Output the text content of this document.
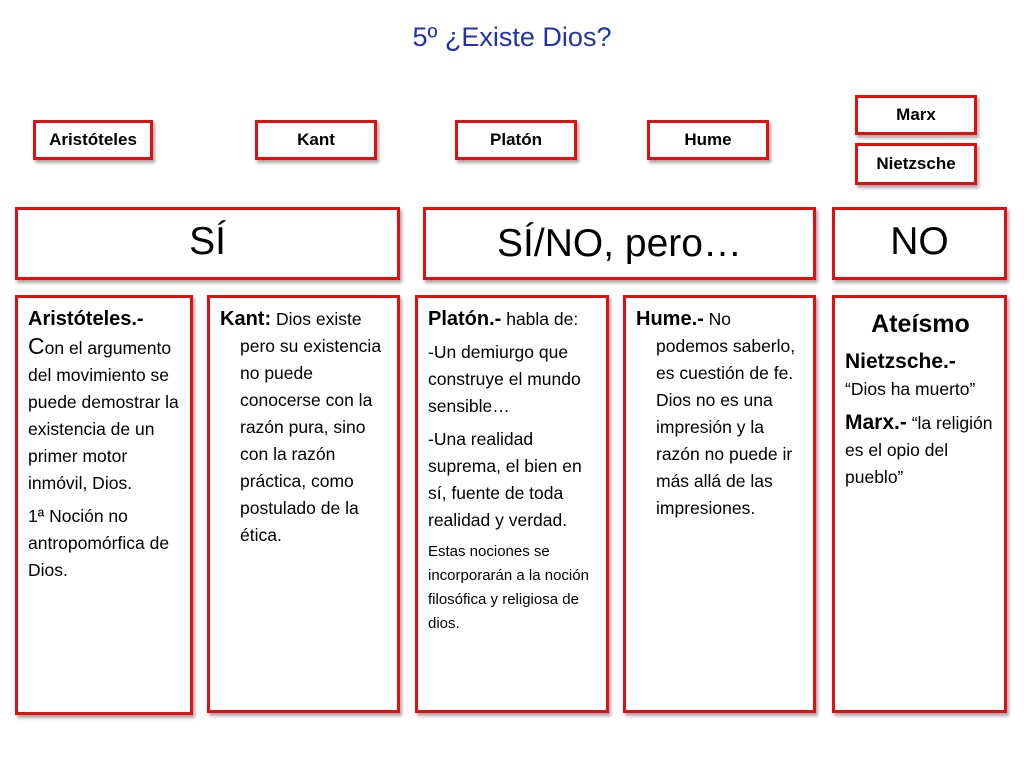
5º ¿Existe Dios?
Aristóteles	Kant	Platón	Hume
Marx
Nietzsche
SÍ	SÍ/NO, pero…	NO

Aristóteles.-
Con el argumento del movimiento se puede demostrar la existencia de un primer motor inmóvil, Dios.

1ª Noción no antropomórfica de Dios.

Kant: Dios existe pero su existencia no puede conocerse con la razón pura, sino con la razón práctica, como postulado de la ética.

Platón.- habla de:

-Un demiurgo que construye el mundo sensible…

-Una realidad suprema, el bien en sí, fuente de toda realidad y verdad.

Estas nociones se incorporarán a la noción filosófica y religiosa de dios.

Hume.- No podemos saberlo, es cuestión de fe. Dios no es una impresión y la razón no puede ir más allá de las impresiones.

Ateísmo

Nietzsche.-
“Dios ha muerto”

Marx.- “la religión es el opio del pueblo”
